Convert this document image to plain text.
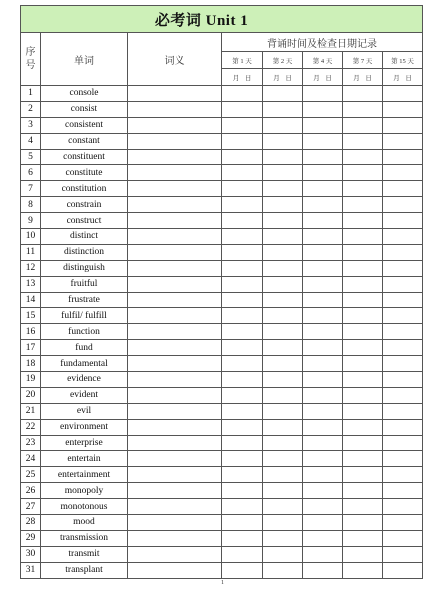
必考词 Unit 1							

序
号	单词	词义	背诵时间及检查日期记录				
			第 1 天	第 2 天	第 4 天	第 7 天	第 15 天
			月 日	月 日	月 日	月 日	月 日
1	console						
2	consist						
3	consistent						
4	constant						
5	constituent						
6	constitute						
7	constitution						
8	constrain						
9	construct						
10	distinct						
11	distinction						
12	distinguish						
13	fruitful						
14	frustrate						
15	fulfil/ fulfill						
16	function						
17	fund						
18	fundamental						
19	evidence						
20	evident						
21	evil						
22	environment						
23	enterprise						
24	entertain						
25	entertainment						
26	monopoly						
27	monotonous						
28	mood						
29	transmission						
30	transmit						
31	transplant						
1
